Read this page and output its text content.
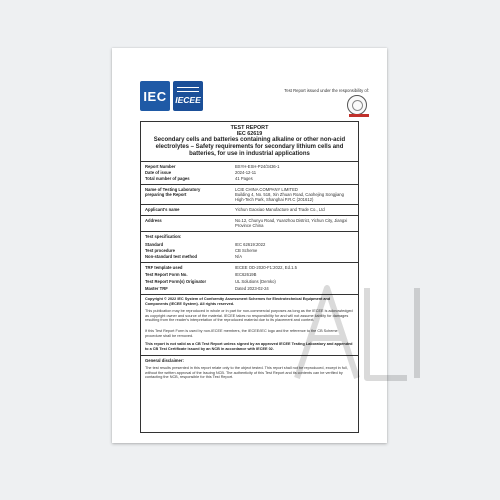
IEC IECEE
Test Report issued under the responsibility of:
TEST REPORT
IEC 62619
Secondary cells and batteries containing alkaline or other non-acid electrolytes – Safety requirements for secondary lithium cells and batteries, for use in industrial applications
Report Number	BSYH-ESH-P24/3436-1
Date of issue	2024-12-11
Total number of pages	41 Pages
Name of Testing Laboratory
preparing the Report
LCIE CHINA COMPANY LIMITED
Building 4, No. 518, Xin Zhuan Road, Caohejing Songjiang
High-Tech Park, Shanghai P.R.C (201612)
Applicant's name	Yichun Gaoxiao Manufacture and Trade Co., Ltd
Address	No.12, Chunyu Road, Yuanzhou District, Yichun City, Jiangxi
Province China
Test specification:
Standard	IEC 62619:2022
Test procedure	CB Scheme
Non-standard test method	N/A
TRF template used	IECEE OD-2020-F1:2022, Ed.1.5
Test Report Form No.	IEC62619B
Test Report Form(s) Originator	UL Solutions (Demko)
Master TRF	Dated 2023-02-24
Copyright © 2022 IEC System of Conformity Assessment Schemes for Electrotechnical Equipment and Components (IECEE System). All rights reserved.
This publication may be reproduced in whole or in part for non-commercial purposes as long as the IECEE is acknowledged as copyright owner and source of the material. IECEE takes no responsibility for and will not assume liability for damages resulting from the reader's interpretation of the reproduced material due to its placement and context.
If this Test Report Form is used by non-IECEE members, the IECEE/IEC logo and the reference to the CB Scheme procedure shall be removed.
This report is not valid as a CB Test Report unless signed by an approved IECEE Testing Laboratory and appended to a CB Test Certificate issued by an NCB in accordance with IECEE 02.
General disclaimer:
The test results presented in this report relate only to the object tested. This report shall not be reproduced, except in full, without the written approval of the Issuing NCB. The authenticity of this Test Report and its contents can be verified by contacting the NCB, responsible for this Test Report.
